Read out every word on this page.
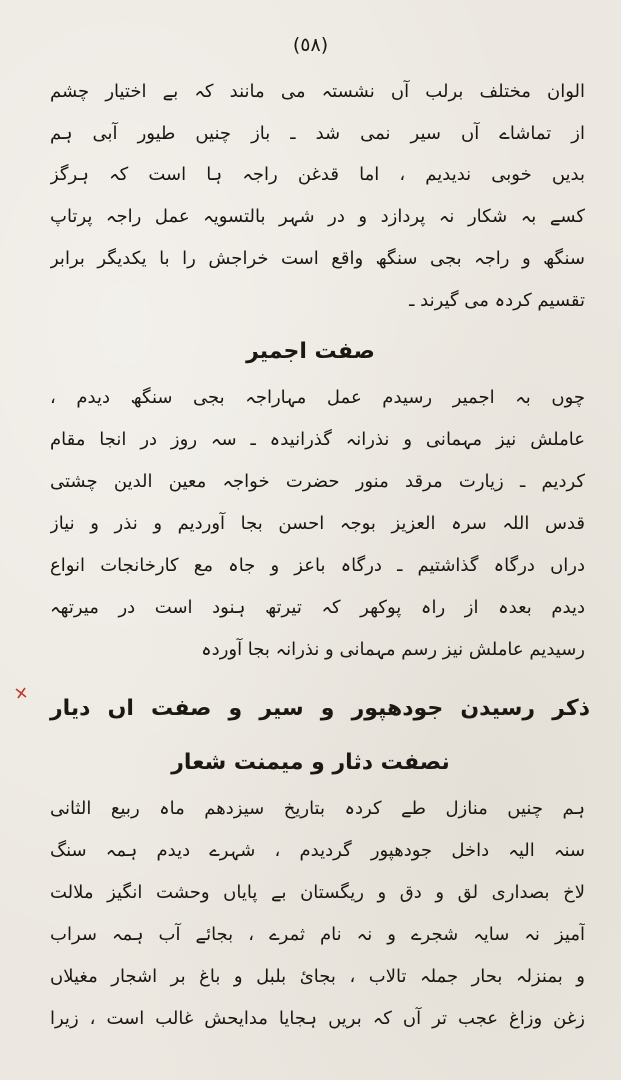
(٥٨)
الوان مختلف برلب آں نشستہ می مانند کہ بے اختیار چشم
از تماشاے آں سیر نمی شد ـ باز چنیں طیور آبی ہم
بدیں خوبی ندیدیم ، اما قدغن راجہ ہا است کہ ہرگز
کسے بہ شکار نہ پردازد و در شہر بالتسویہ عمل راجہ پرتاپ
سنگھ و راجہ بجی سنگھ واقع است خراجش را با یکدیگر برابر
تقسیم کردہ می گیرند ـ
صفت اجمیر
چوں بہ اجمیر رسیدم عمل مہاراجہ بجی سنگھ دیدم ،
عاملش نیز مہمانی و نذرانہ گذرانیدہ ـ سہ روز در انجا مقام
کردیم ـ زیارت مرقد منور حضرت خواجہ معین الدین چشتی
قدس اللہ سرہ العزیز بوجہ احسن بجا آوردیم و نذر و نیاز
دراں درگاہ گذاشتیم ـ درگاہ باعز و جاہ مع کارخانجات انواع
دیدم بعدہ از راہ پوکھر کہ تیرتھ ہنود است در میرتھہ
رسیدیم عاملش نیز رسم مہمانی و نذرانہ بجا آوردہ
ذکر رسیدن جودھپور و سیر و صفت اں دیار
نصفت دثار و میمنت شعار
ہم چنیں منازل طے کردہ بتاریخ سیزدھم ماہ ربیع الثانی
سنہ الیہ داخل جودھپور گردیدم ، شہرے دیدم ہمہ سنگ
لاخ بصداری لق و دق و ریگستان بے پایاں وحشت انگیز ملالت
آمیز نہ سایہ شجرے و نہ نام ثمرے ، بجائے آب ہمہ سراب
و بمنزلہ بحار جملہ تالاب ، بجائ بلبل و باغ بر اشجار مغیلاں
زغن وزاغ عجب تر آں کہ بریں ہجایا مدایحش غالب است ، زیرا
